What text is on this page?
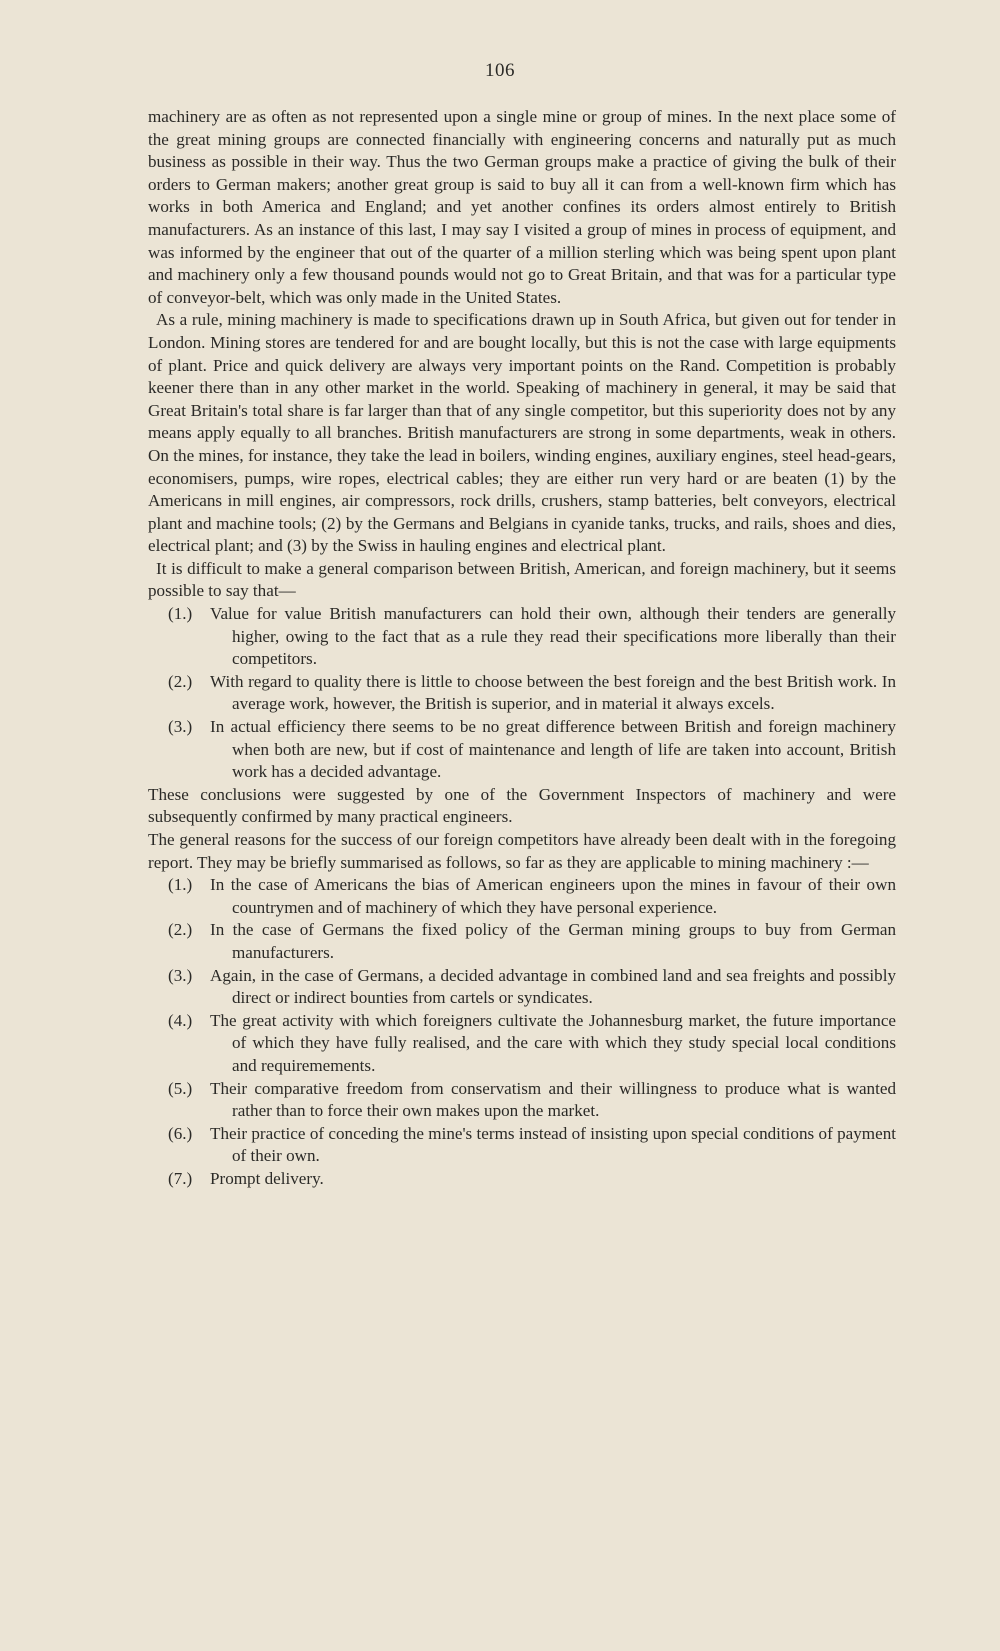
106

machinery are as often as not represented upon a single mine or group of mines. In the next place some of the great mining groups are connected financially with engineering concerns and naturally put as much business as possible in their way. Thus the two German groups make a practice of giving the bulk of their orders to German makers; another great group is said to buy all it can from a well-known firm which has works in both America and England; and yet another confines its orders almost entirely to British manufacturers. As an instance of this last, I may say I visited a group of mines in process of equipment, and was informed by the engineer that out of the quarter of a million sterling which was being spent upon plant and machinery only a few thousand pounds would not go to Great Britain, and that was for a particular type of conveyor-belt, which was only made in the United States.

As a rule, mining machinery is made to specifications drawn up in South Africa, but given out for tender in London. Mining stores are tendered for and are bought locally, but this is not the case with large equipments of plant. Price and quick delivery are always very important points on the Rand. Competition is probably keener there than in any other market in the world. Speaking of machinery in general, it may be said that Great Britain's total share is far larger than that of any single competitor, but this superiority does not by any means apply equally to all branches. British manufacturers are strong in some departments, weak in others. On the mines, for instance, they take the lead in boilers, winding engines, auxiliary engines, steel head-gears, economisers, pumps, wire ropes, electrical cables; they are either run very hard or are beaten (1) by the Americans in mill engines, air compressors, rock drills, crushers, stamp batteries, belt conveyors, electrical plant and machine tools; (2) by the Germans and Belgians in cyanide tanks, trucks, and rails, shoes and dies, electrical plant; and (3) by the Swiss in hauling engines and electrical plant.

It is difficult to make a general comparison between British, American, and foreign machinery, but it seems possible to say that—

(1.)	Value for value British manufacturers can hold their own, although their tenders are generally higher, owing to the fact that as a rule they read their specifications more liberally than their competitors.
(2.)	With regard to quality there is little to choose between the best foreign and the best British work. In average work, however, the British is superior, and in material it always excels.
(3.)	In actual efficiency there seems to be no great difference between British and foreign machinery when both are new, but if cost of maintenance and length of life are taken into account, British work has a decided advantage.

These conclusions were suggested by one of the Government Inspectors of machinery and were subsequently confirmed by many practical engineers.

The general reasons for the success of our foreign competitors have already been dealt with in the foregoing report. They may be briefly summarised as follows, so far as they are applicable to mining machinery :—

(1.)	In the case of Americans the bias of American engineers upon the mines in favour of their own countrymen and of machinery of which they have personal experience.
(2.)	In the case of Germans the fixed policy of the German mining groups to buy from German manufacturers.
(3.)	Again, in the case of Germans, a decided advantage in combined land and sea freights and possibly direct or indirect bounties from cartels or syndicates.
(4.)	The great activity with which foreigners cultivate the Johannesburg market, the future importance of which they have fully realised, and the care with which they study special local conditions and requiremements.
(5.)	Their comparative freedom from conservatism and their willingness to produce what is wanted rather than to force their own makes upon the market.
(6.)	Their practice of conceding the mine's terms instead of insisting upon special conditions of payment of their own.
(7.)	Prompt delivery.
